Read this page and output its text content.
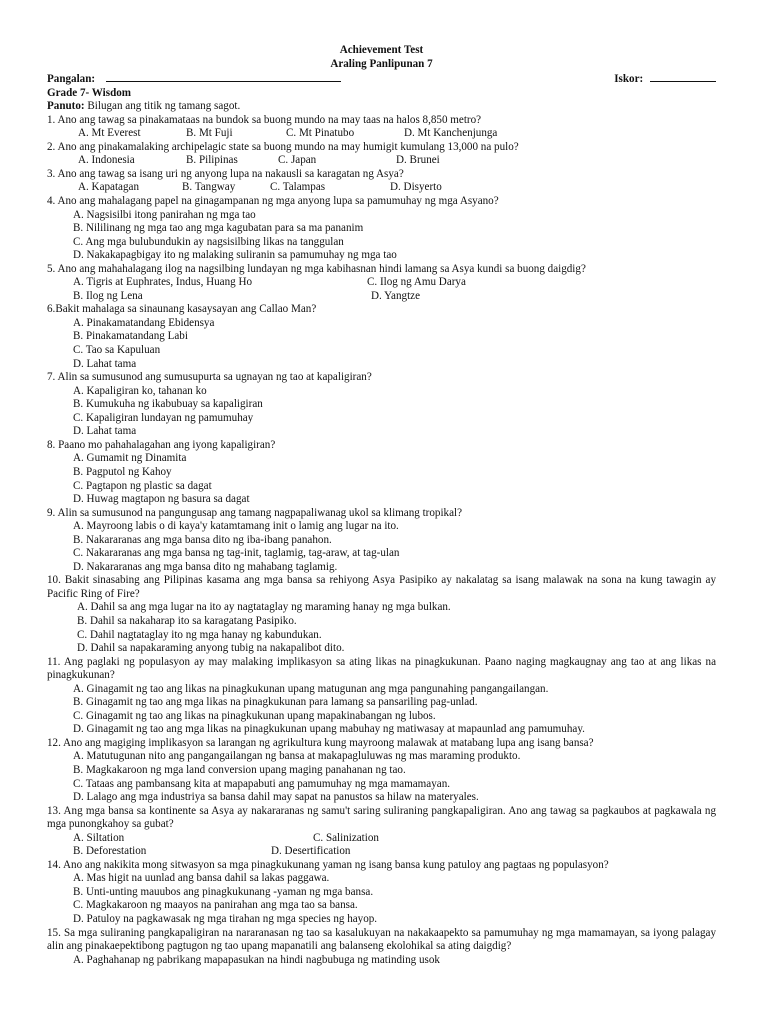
Achievement Test
Araling Panlipunan 7
Pangalan:	Iskor:
Grade 7- Wisdom
Panuto: Bilugan ang titik ng tamang sagot.
1. Ano ang tawag sa pinakamataas na bundok sa buong mundo na may taas na halos 8,850 metro?
A. Mt Everest	B. Mt Fuji	C. Mt Pinatubo	D. Mt Kanchenjunga
2. Ano ang pinakamalaking archipelagic state sa buong mundo na may humigit kumulang 13,000 na pulo?
A. Indonesia	B. Pilipinas	C. Japan	D. Brunei
3. Ano ang tawag sa isang uri ng anyong lupa na nakausli sa karagatan ng Asya?
A. Kapatagan	B. Tangway	C. Talampas	D. Disyerto
4. Ano ang mahalagang papel na ginagampanan ng mga anyong lupa sa pamumuhay ng mga Asyano?
A. Nagsisilbi itong panirahan ng mga tao
B. Nililinang ng mga tao ang mga kagubatan para sa ma pananim
C. Ang mga bulubundukin ay nagsisilbing likas na tanggulan
D. Nakakapagbigay ito ng malaking suliranin sa pamumuhay ng mga tao
5. Ano ang mahahalagang ilog na nagsilbing lundayan ng mga kabihasnan hindi lamang sa Asya kundi sa buong daigdig?
A. Tigris at Euphrates, Indus, Huang Ho	C. Ilog ng Amu Darya
B. Ilog ng Lena	D. Yangtze
6.Bakit mahalaga sa sinaunang kasaysayan ang Callao Man?
A. Pinakamatandang Ebidensya
B. Pinakamatandang Labi
C. Tao sa Kapuluan
D. Lahat tama
7. Alin sa sumusunod ang sumusupurta sa ugnayan ng tao at kapaligiran?
A. Kapaligiran ko, tahanan ko
B. Kumukuha ng ikabubuay sa kapaligiran
C. Kapaligiran lundayan ng pamumuhay
D. Lahat tama
8. Paano mo pahahalagahan ang iyong kapaligiran?
A. Gumamit ng Dinamita
B. Pagputol ng Kahoy
C. Pagtapon ng plastic sa dagat
D. Huwag magtapon ng basura sa dagat
9. Alin sa sumusunod na pangungusap ang tamang nagpapaliwanag ukol sa klimang tropikal?
A. Mayroong labis o di kaya'y katamtamang init o lamig ang lugar na ito.
B. Nakararanas ang mga bansa dito ng iba-ibang panahon.
C. Nakararanas ang mga bansa ng tag-init, taglamig, tag-araw, at tag-ulan
D. Nakararanas ang mga bansa dito ng mahabang taglamig.
10. Bakit sinasabing ang Pilipinas kasama ang mga bansa sa rehiyong Asya Pasipiko ay nakalatag sa isang malawak na sona na kung tawagin ay Pacific Ring of Fire?
A. Dahil sa ang mga lugar na ito ay nagtataglay ng maraming hanay ng mga bulkan.
B. Dahil sa nakaharap ito sa karagatang Pasipiko.
C. Dahil nagtataglay ito ng mga hanay ng kabundukan.
D. Dahil sa napakaraming anyong tubig na nakapalibot dito.
11. Ang paglaki ng populasyon ay may malaking implikasyon sa ating likas na pinagkukunan. Paano naging magkaugnay ang tao at ang likas na pinagkukunan?
A. Ginagamit ng tao ang likas na pinagkukunan upang matugunan ang mga pangunahing pangangailangan.
B. Ginagamit ng tao ang mga likas na pinagkukunan para lamang sa pansariling pag-unlad.
C. Ginagamit ng tao ang likas na pinagkukunan upang mapakinabangan ng lubos.
D. Ginagamit ng tao ang mga likas na pinagkukunan upang mabuhay ng matiwasay at mapaunlad ang pamumuhay.
12. Ano ang magiging implikasyon sa larangan ng agrikultura kung mayroong malawak at matabang lupa ang isang bansa?
A. Matutugunan nito ang pangangailangan ng bansa at makapagluluwas ng mas maraming produkto.
B. Magkakaroon ng mga land conversion upang maging panahanan ng tao.
C. Tataas ang pambansang kita at mapapabuti ang pamumuhay ng mga mamamayan.
D. Lalago ang mga industriya sa bansa dahil may sapat na panustos sa hilaw na materyales.
13. Ang mga bansa sa kontinente sa Asya ay nakararanas ng samu't saring suliraning pangkapaligiran. Ano ang tawag sa pagkaubos at pagkawala ng mga punongkahoy sa gubat?
A. Siltation	C. Salinization
B. Deforestation	D. Desertification
14. Ano ang nakikita mong sitwasyon sa mga pinagkukunang yaman ng isang bansa kung patuloy ang pagtaas ng populasyon?
A. Mas higit na uunlad ang bansa dahil sa lakas paggawa.
B. Unti-unting mauubos ang pinagkukunang -yaman ng mga bansa.
C. Magkakaroon ng maayos na panirahan ang mga tao sa bansa.
D. Patuloy na pagkawasak ng mga tirahan ng mga species ng hayop.
15. Sa mga suliraning pangkapaligiran na nararanasan ng tao sa kasalukuyan na nakakaapekto sa pamumuhay ng mga mamamayan, sa iyong palagay alin ang pinakaepektibong pagtugon ng tao upang mapanatili ang balanseng ekolohikal sa ating daigdig?
A. Paghahanap ng pabrikang mapapasukan na hindi nagbubuga ng matinding usok
